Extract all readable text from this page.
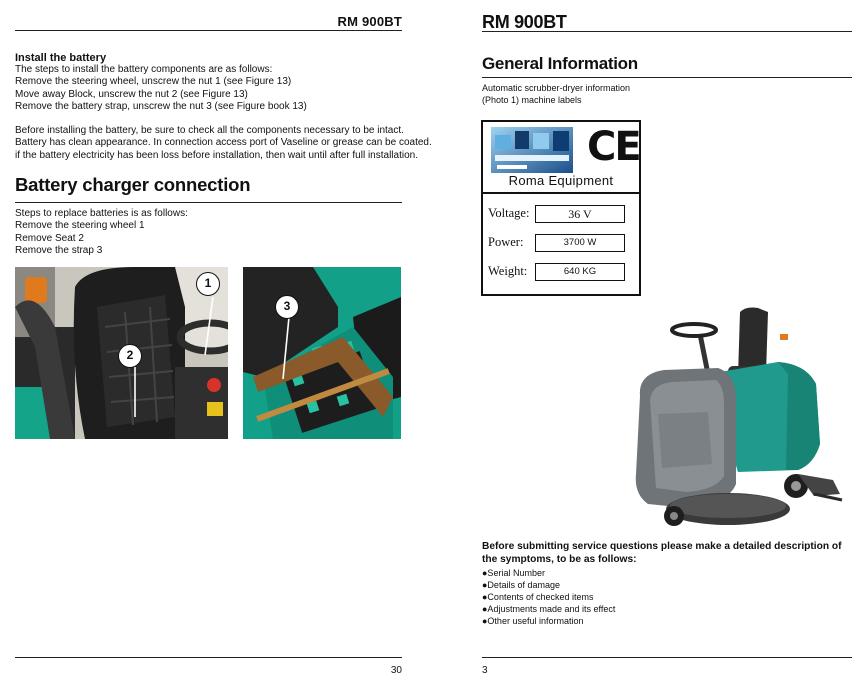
RM 900BT
Install the battery
The steps to install the battery components are as follows:
Remove the steering wheel, unscrew the nut 1 (see Figure 13)
Move away Block, unscrew the nut 2 (see Figure 13)
Remove the battery strap, unscrew the nut 3 (see Figure book 13)
Before installing the battery, be sure to check all the components necessary to be intact.
Battery has clean appearance. In connection access port of Vaseline or grease can be coated.
if the battery electricity has been loss before installation, then wait until after full installation.
Battery charger connection
Steps to replace batteries is as follows:
Remove the steering wheel 1
Remove Seat 2
Remove the strap 3
1
2
3
30
RM 900BT
General Information
Automatic scrubber-dryer information
(Photo 1) machine labels
CE
Roma Equipment
Voltage:	36 V
Power:	3700 W
Weight:	640 KG
Before submitting service questions please make a detailed description of the symptoms, to be as follows:
●Serial Number
●Details of damage
●Contents of checked items
●Adjustments made and its effect
●Other useful information
3
